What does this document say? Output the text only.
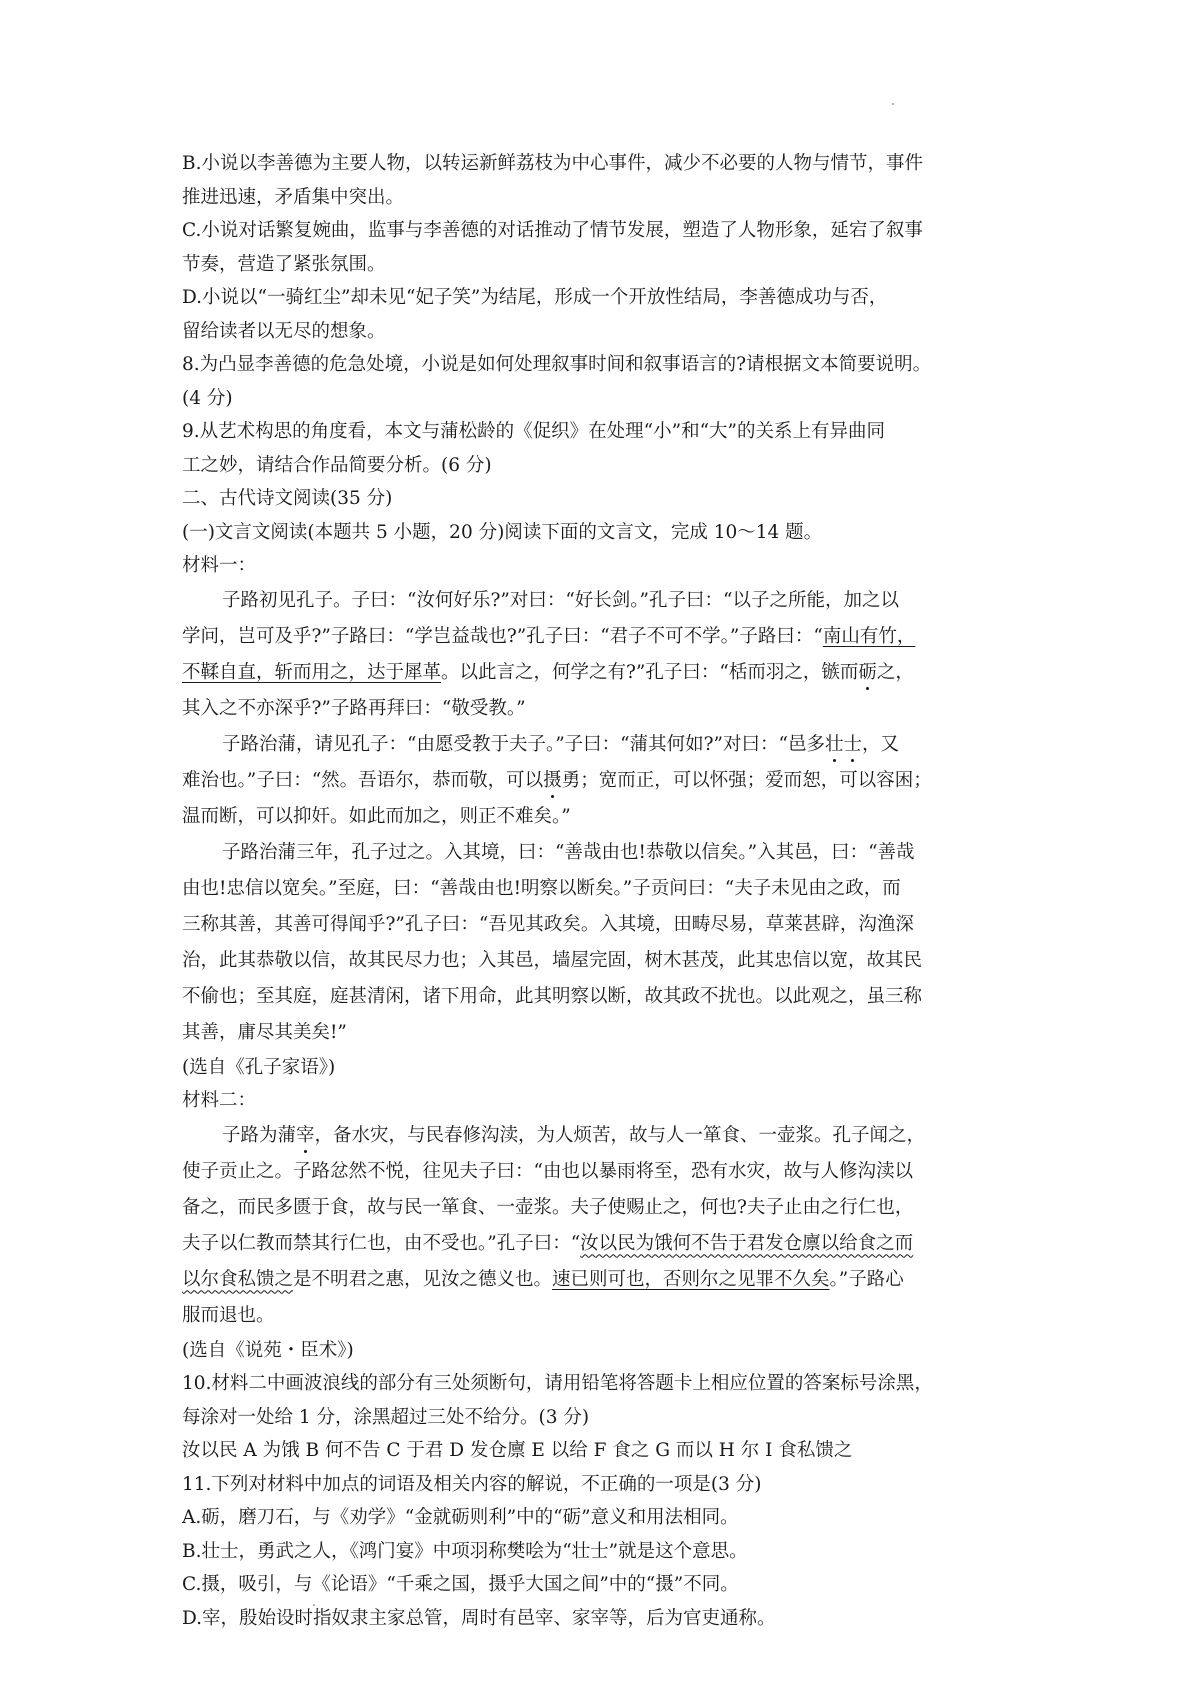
B.小说以李善德为主要人物，以转运新鲜荔枝为中心事件，减少不必要的人物与情节，事件
推进迅速，矛盾集中突出。
C.小说对话繁复婉曲，监事与李善德的对话推动了情节发展，塑造了人物形象，延宕了叙事
节奏，营造了紧张氛围。
D.小说以“一骑红尘”却未见“妃子笑”为结尾，形成一个开放性结局，李善德成功与否，
留给读者以无尽的想象。
8.为凸显李善德的危急处境，小说是如何处理叙事时间和叙事语言的?请根据文本简要说明。
(4 分)
9.从艺术构思的角度看，本文与蒲松龄的《促织》在处理“小”和“大”的关系上有异曲同
工之妙，请结合作品简要分析。(6 分)
二、古代诗文阅读(35 分)
(一)文言文阅读(本题共 5 小题，20 分)阅读下面的文言文，完成 10～14 题。
材料一：
子路初见孔子。子曰：“汝何好乐?”对曰：“好长剑。”孔子曰：“以子之所能，加之以
学问，岂可及乎?”子路曰：“学岂益哉也?”孔子曰：“君子不可不学。”子路曰：“南山有竹，
不鞣自直，斩而用之，达于犀革。以此言之，何学之有?”孔子曰：“栝而羽之，镞而砺之，
其入之不亦深乎?”子路再拜曰：“敬受教。”
子路治蒲，请见孔子：“由愿受教于夫子。”子曰：“蒲其何如?”对曰：“邑多壮士，又
难治也。”子曰：“然。吾语尔，恭而敬，可以摄勇；宽而正，可以怀强；爱而恕，可以容困；
温而断，可以抑奸。如此而加之，则正不难矣。”
子路治蒲三年，孔子过之。入其境，曰：“善哉由也!恭敬以信矣。”入其邑，曰：“善哉
由也!忠信以宽矣。”至庭，曰：“善哉由也!明察以断矣。”子贡问曰：“夫子未见由之政，而
三称其善，其善可得闻乎?”孔子曰：“吾见其政矣。入其境，田畴尽易，草莱甚辟，沟渔深
治，此其恭敬以信，故其民尽力也；入其邑，墙屋完固，树木甚茂，此其忠信以宽，故其民
不偷也；至其庭，庭甚清闲，诸下用命，此其明察以断，故其政不扰也。以此观之，虽三称
其善，庸尽其美矣!”
(选自《孔子家语》)
材料二：
子路为蒲宰，备水灾，与民春修沟渎，为人烦苦，故与人一箪食、一壶浆。孔子闻之，
使子贡止之。子路忿然不悦，往见夫子曰：“由也以暴雨将至，恐有水灾，故与人修沟渎以
备之，而民多匮于食，故与民一箪食、一壶浆。夫子使赐止之，何也?夫子止由之行仁也，
夫子以仁教而禁其行仁也，由不受也。”孔子曰：“汝以民为饿何不告于君发仓廪以给食之而
以尔食私馈之是不明君之惠，见汝之德义也。速已则可也，否则尔之见罪不久矣。”子路心
服而退也。
(选自《说苑・臣术》)
10.材料二中画波浪线的部分有三处须断句，请用铅笔将答题卡上相应位置的答案标号涂黑，
每涂对一处给 1 分，涂黑超过三处不给分。(3 分)
汝以民 A 为饿 B 何不告 C 于君 D 发仓廪 E 以给 F 食之 G 而以 H 尔 I 食私馈之
11.下列对材料中加点的词语及相关内容的解说，不正确的一项是(3 分)
A.砺，磨刀石，与《劝学》“金就砺则利”中的“砺”意义和用法相同。
B.壮士，勇武之人，《鸿门宴》中项羽称樊哙为“壮士”就是这个意思。
C.摄，吸引，与《论语》“千乘之国，摄乎大国之间”中的“摄”不同。
D.宰，殷始设时指奴隶主家总管，周时有邑宰、家宰等，后为官吏通称。
